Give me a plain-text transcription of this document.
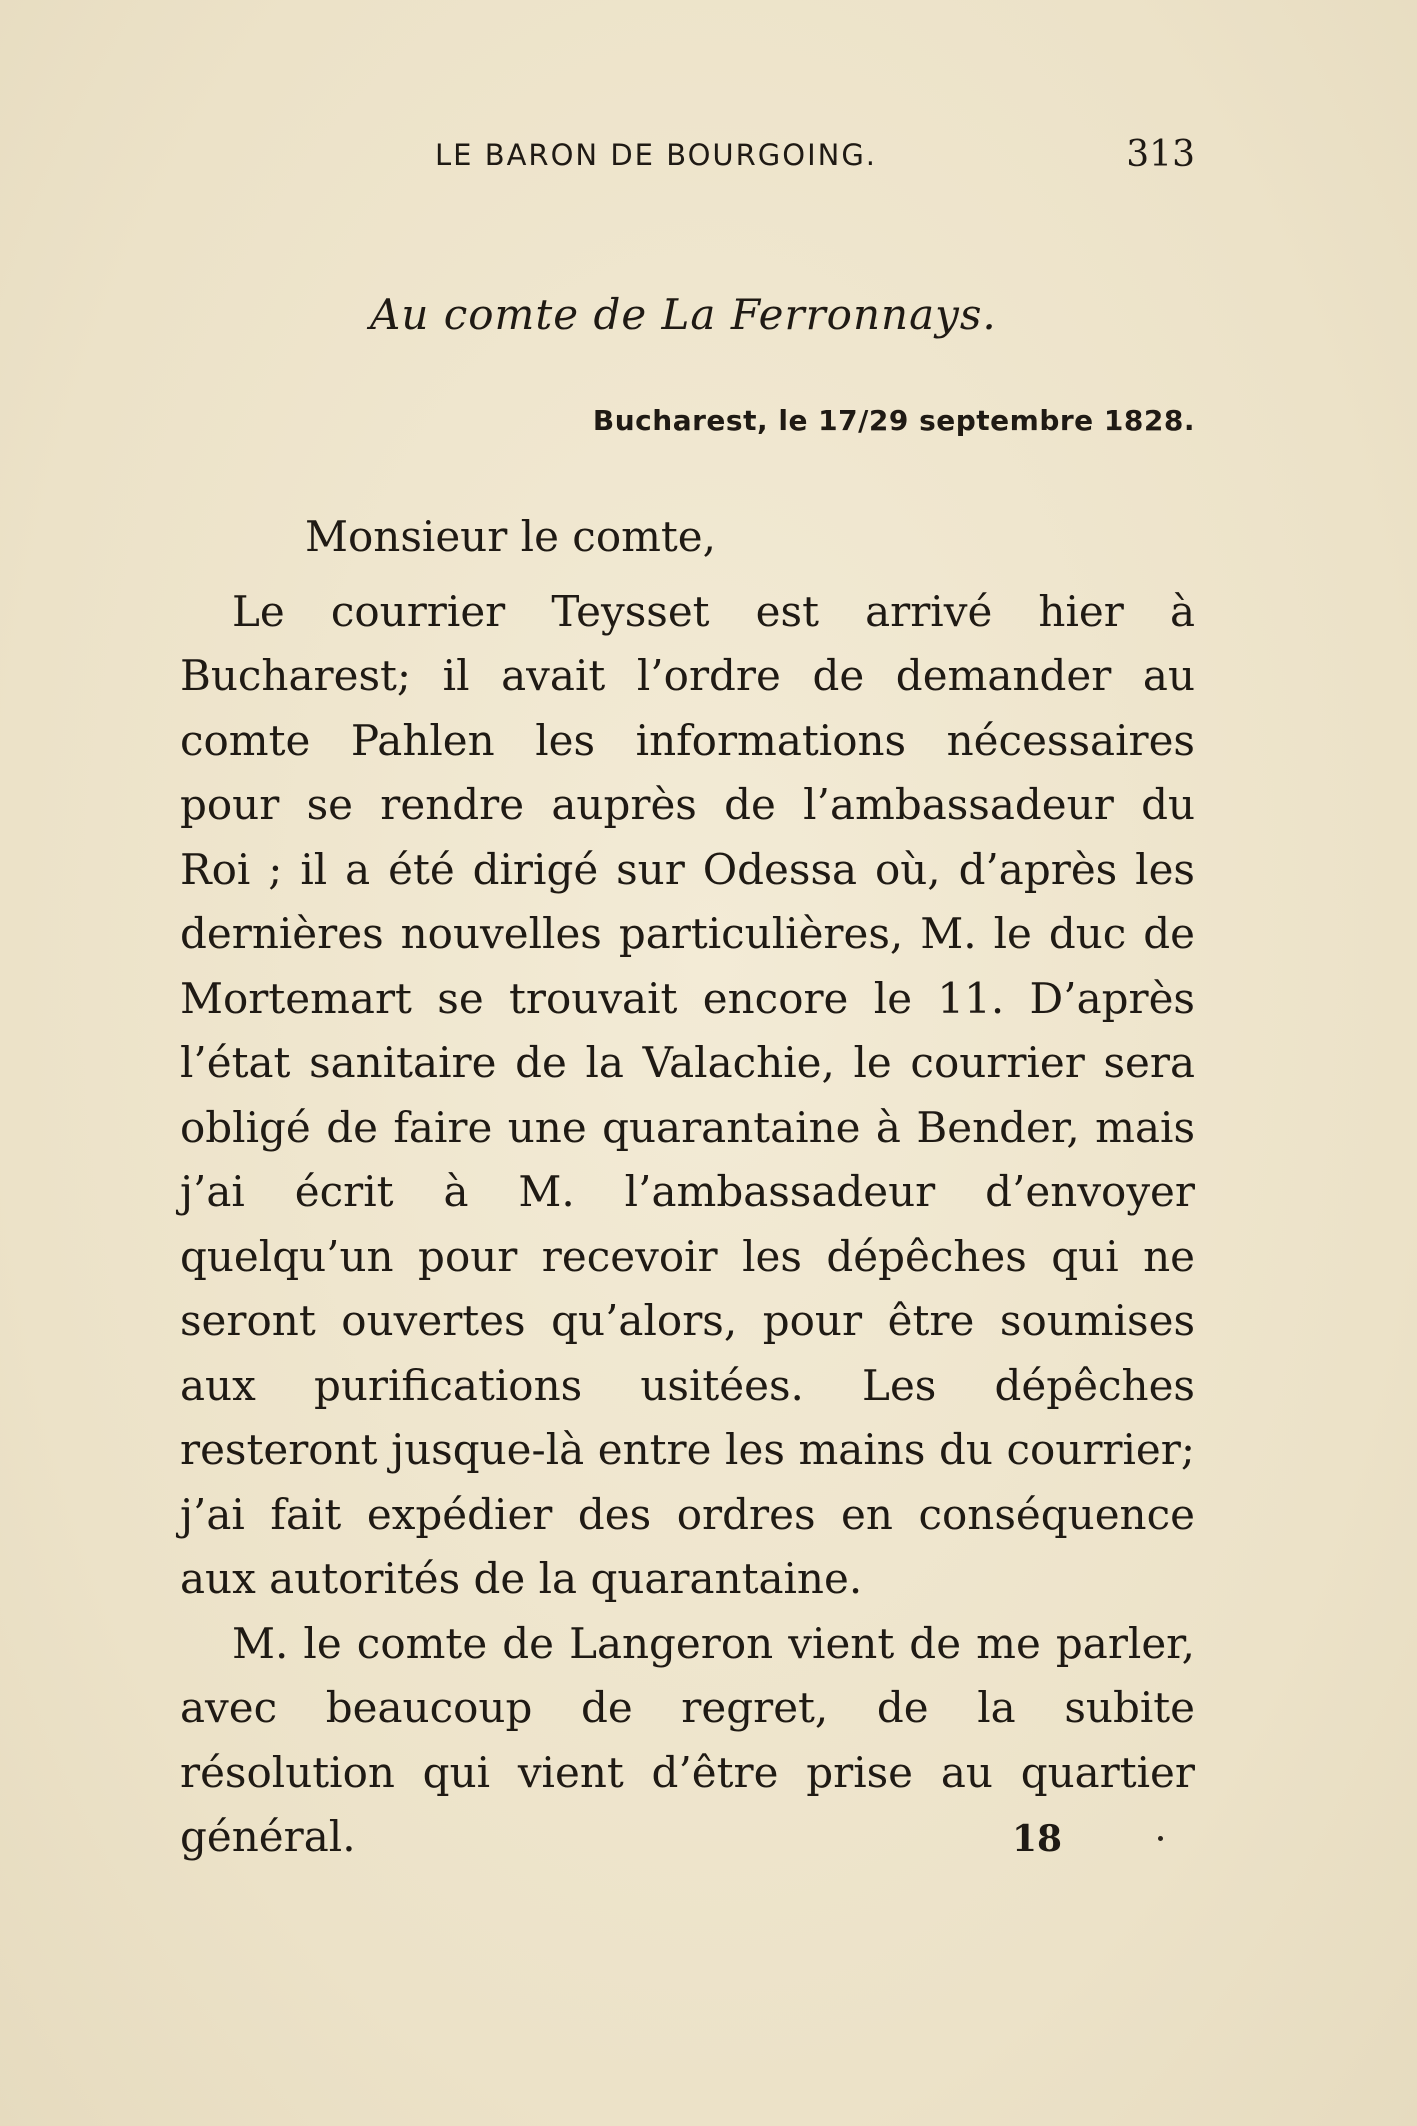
LE BARON DE BOURGOING.	313
Au comte de La Ferronnays.
Bucharest, le 17/29 septembre 1828.

Monsieur le comte,

Le courrier Teysset est arrivé hier à Bucharest; il avait l’ordre de demander au comte Pahlen les informations nécessaires pour se rendre auprès de l’ambassadeur du Roi ; il a été dirigé sur Odessa où, d’après les dernières nouvelles particulières, M. le duc de Mortemart se trouvait encore le 11. D’après l’état sanitaire de la Valachie, le courrier sera obligé de faire une quarantaine à Bender, mais j’ai écrit à M. l’ambassadeur d’envoyer quelqu’un pour recevoir les dépêches qui ne seront ouvertes qu’alors, pour être soumises aux purifications usitées. Les dépêches resteront jusque-là entre les mains du courrier; j’ai fait expédier des ordres en conséquence aux autorités de la quarantaine.

M. le comte de Langeron vient de me parler, avec beaucoup de regret, de la subite résolution qui vient d’être prise au quartier général.	18
